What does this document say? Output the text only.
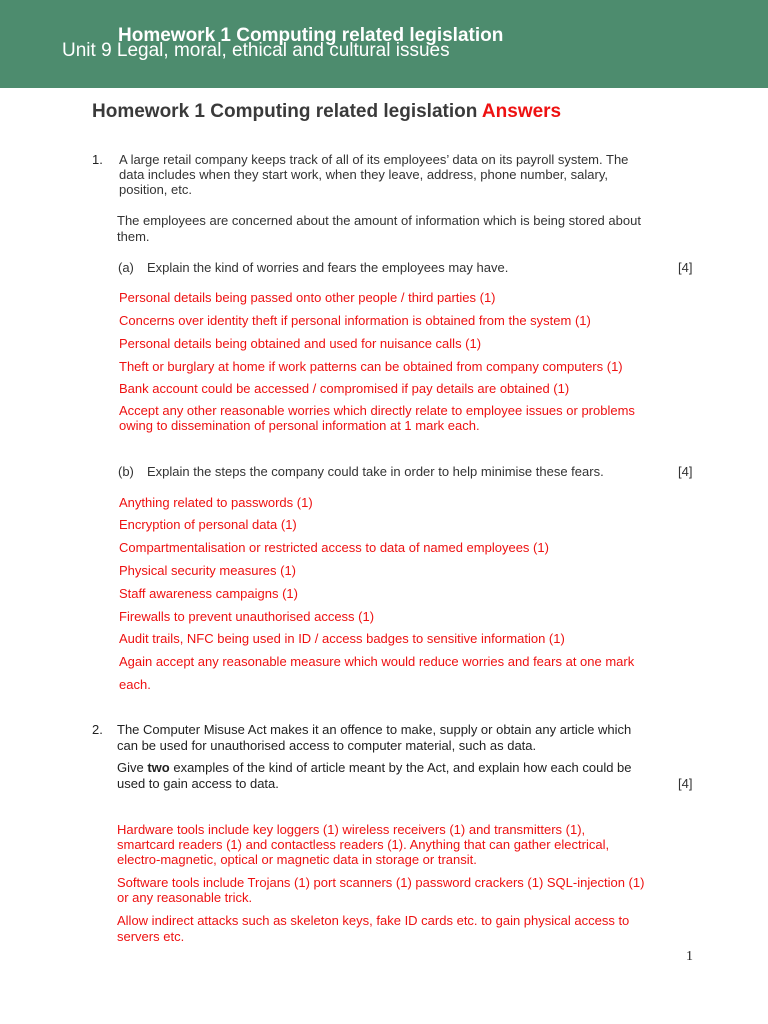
Homework 1 Computing related legislation
Unit 9 Legal, moral, ethical and cultural issues
Homework 1 Computing related legislation Answers
1. A large retail company keeps track of all of its employees’ data on its payroll system. The
data includes when they start work, when they leave, address, phone number, salary,
position, etc.
The employees are concerned about the amount of information which is being stored about
them.
(a) Explain the kind of worries and fears the employees may have.	[4]
Personal details being passed onto other people / third parties (1)
Concerns over identity theft if personal information is obtained from the system (1)
Personal details being obtained and used for nuisance calls (1)
Theft or burglary at home if work patterns can be obtained from company computers (1)
Bank account could be accessed / compromised if pay details are obtained (1)
Accept any other reasonable worries which directly relate to employee issues or problems
owing to dissemination of personal information at 1 mark each.
(b) Explain the steps the company could take in order to help minimise these fears.	[4]
Anything related to passwords (1)
Encryption of personal data (1)
Compartmentalisation or restricted access to data of named employees (1)
Physical security measures (1)
Staff awareness campaigns (1)
Firewalls to prevent unauthorised access (1)
Audit trails, NFC being used in ID / access badges to sensitive information (1)
Again accept any reasonable measure which would reduce worries and fears at one mark
each.
2. The Computer Misuse Act makes it an offence to make, supply or obtain any article which
can be used for unauthorised access to computer material, such as data.
Give two examples of the kind of article meant by the Act, and explain how each could be
used to gain access to data.	[4]
Hardware tools include key loggers (1) wireless receivers (1) and transmitters (1),
smartcard readers (1) and contactless readers (1). Anything that can gather electrical,
electro-magnetic, optical or magnetic data in storage or transit.
Software tools include Trojans (1) port scanners (1) password crackers (1) SQL-injection (1)
or any reasonable trick.
Allow indirect attacks such as skeleton keys, fake ID cards etc. to gain physical access to
servers etc.
1
